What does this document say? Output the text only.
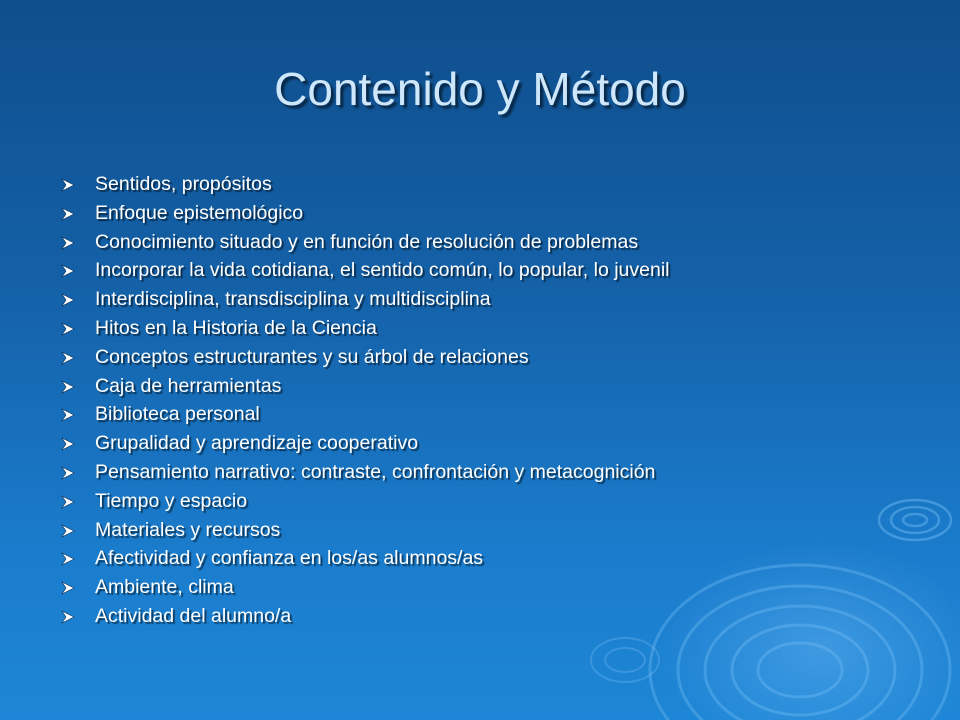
Contenido y Método
Sentidos, propósitos
Enfoque epistemológico
Conocimiento situado y en función de resolución de problemas
Incorporar la vida cotidiana, el sentido común, lo popular, lo juvenil
Interdisciplina, transdisciplina y multidisciplina
Hitos en la Historia de la Ciencia
Conceptos estructurantes y su árbol de relaciones
Caja de herramientas
Biblioteca personal
Grupalidad y aprendizaje cooperativo
Pensamiento narrativo: contraste, confrontación y metacognición
Tiempo y espacio
Materiales y recursos
Afectividad y confianza en los/as alumnos/as
Ambiente, clima
Actividad del alumno/a
